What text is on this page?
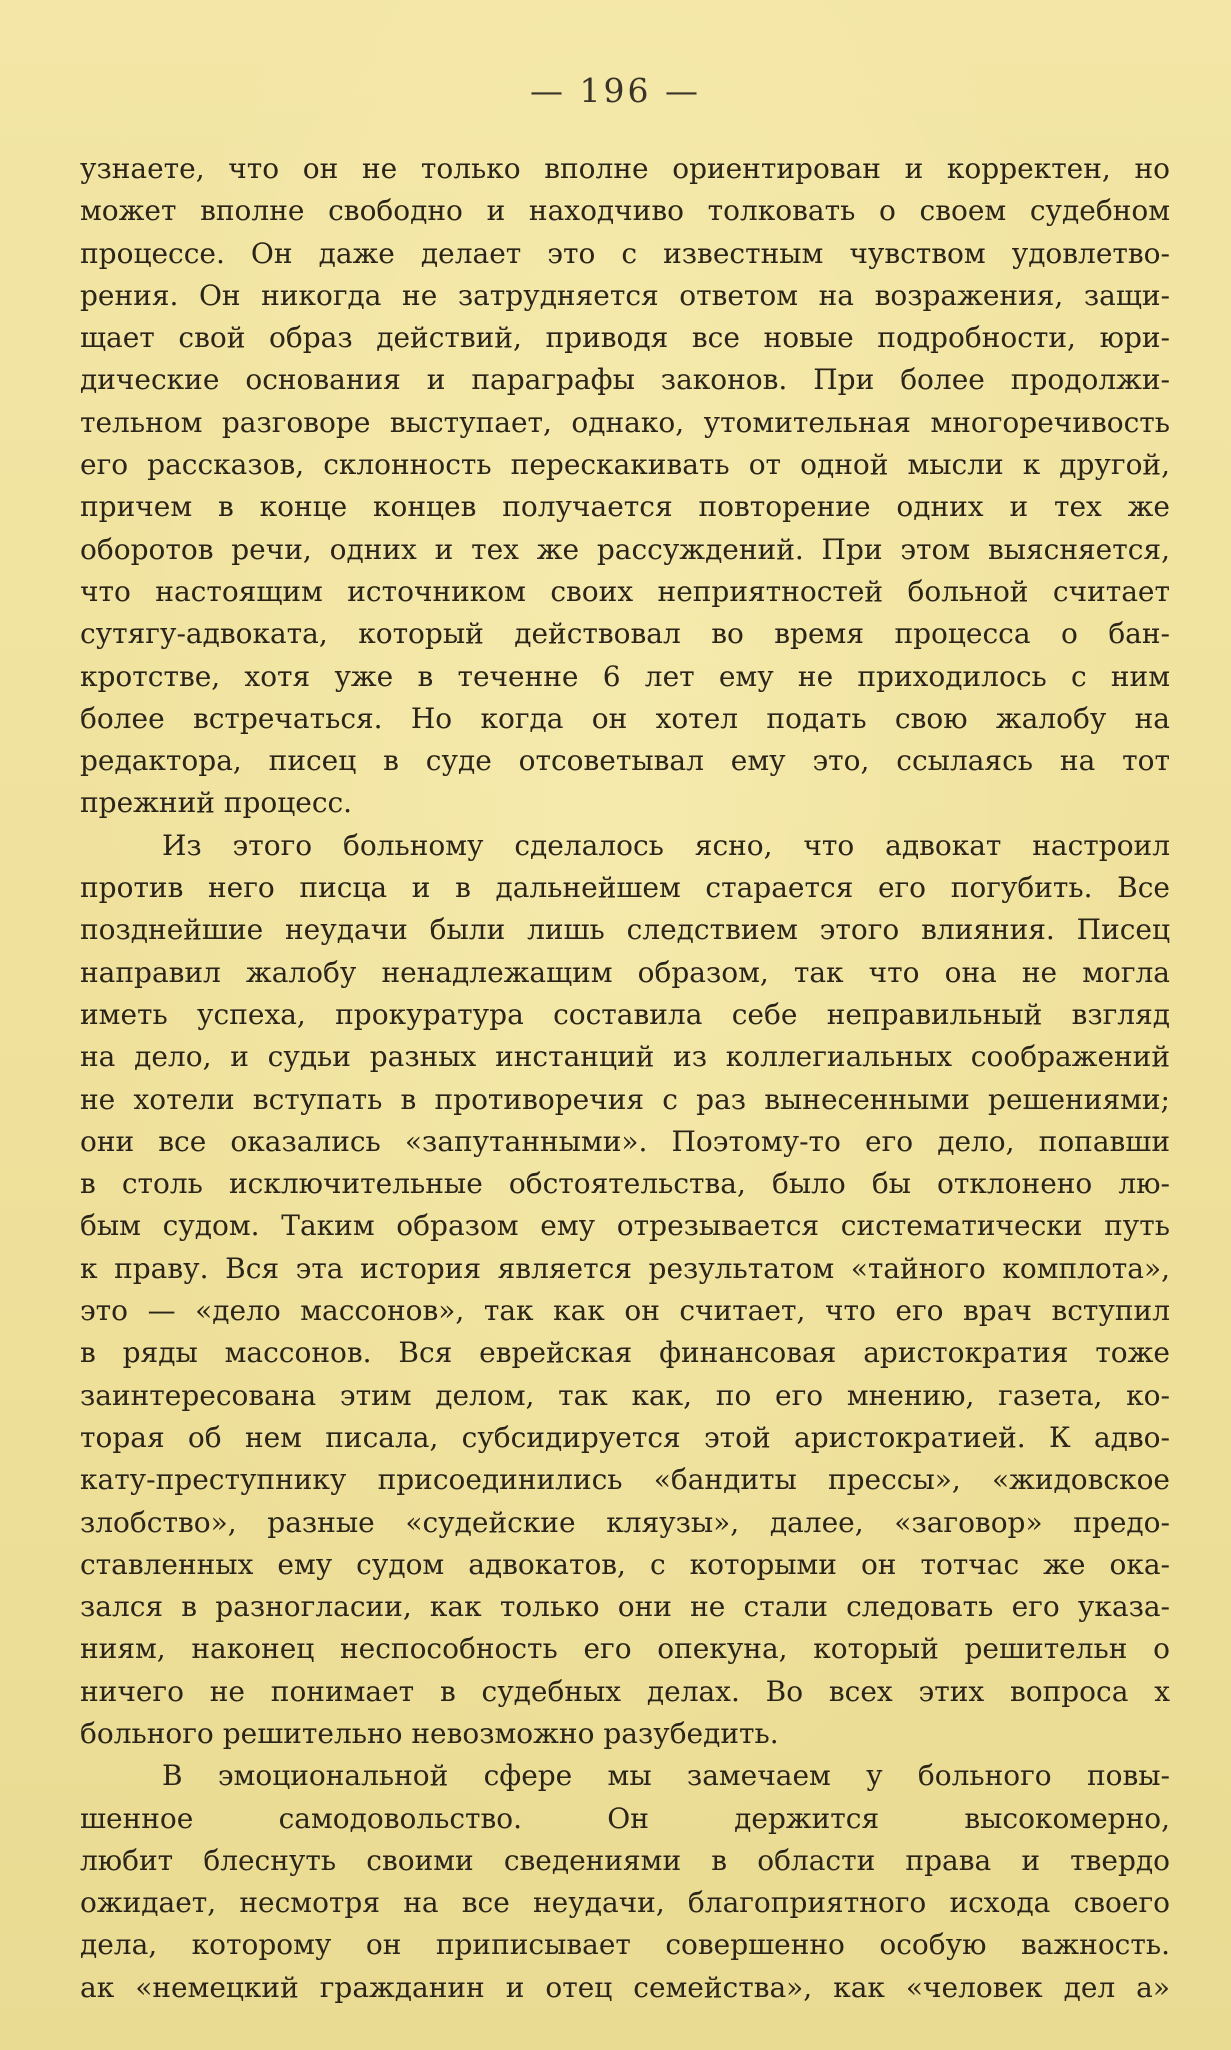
— 196 —
узнаете, что он не только вполне ориентирован и корректен, но
может вполне свободно и находчиво толковать о своем судебном
процессе. Он даже делает это с известным чувством удовлетво-
рения. Он никогда не затрудняется ответом на возражения, защи-
щает свой образ действий, приводя все новые подробности, юри-
дические основания и параграфы законов. При более продолжи-
тельном разговоре выступает, однако, утомительная многоречивость
его рассказов, склонность перескакивать от одной мысли к другой,
причем в конце концев получается повторение одних и тех же
оборотов речи, одних и тех же рассуждений. При этом выясняется,
что настоящим источником своих неприятностей больной считает
сутягу-адвоката, который действовал во время процесса о бан-
кротстве, хотя уже в теченне 6 лет ему не приходилось с ним
более встречаться. Но когда он хотел подать свою жалобу на
редактора, писец в суде отсоветывал ему это, ссылаясь на тот
прежний процесс.
Из этого больному сделалось ясно, что адвокат настроил
против него писца и в дальнейшем старается его погубить. Все
позднейшие неудачи были лишь следствием этого влияния. Писец
направил жалобу ненадлежащим образом, так что она не могла
иметь успеха, прокуратура составила себе неправильный взгляд
на дело, и судьи разных инстанций из коллегиальных соображений
не хотели вступать в противоречия с раз вынесенными решениями;
они все оказались «запутанными». Поэтому-то его дело, попавши
в столь исключительные обстоятельства, было бы отклонено лю-
бым судом. Таким образом ему отрезывается систематически путь
к праву. Вся эта история является результатом «тайного комплота»,
это — «дело массонов», так как он считает, что его врач вступил
в ряды массонов. Вся еврейская финансовая аристократия тоже
заинтересована этим делом, так как, по его мнению, газета, ко-
торая об нем писала, субсидируется этой аристократией. К адво-
кату-преступнику присоединились «бандиты прессы», «жидовское
злобство», разные «судейские кляузы», далее, «заговор» предо-
ставленных ему судом адвокатов, с которыми он тотчас же ока-
зался в разногласии, как только они не стали следовать его указа-
ниям, наконец неспособность его опекуна, который решительн о
ничего не понимает в судебных делах. Во всех этих вопроса х
больного решительно невозможно разубедить.
В эмоциональной сфере мы замечаем у больного повы-
шенное самодовольство. Он держится высокомерно,
любит блеснуть своими сведениями в области права и твердо
ожидает, несмотря на все неудачи, благоприятного исхода своего
дела, которому он приписывает совершенно особую важность.
ак «немецкий гражданин и отец семейства», как «человек дел а»
